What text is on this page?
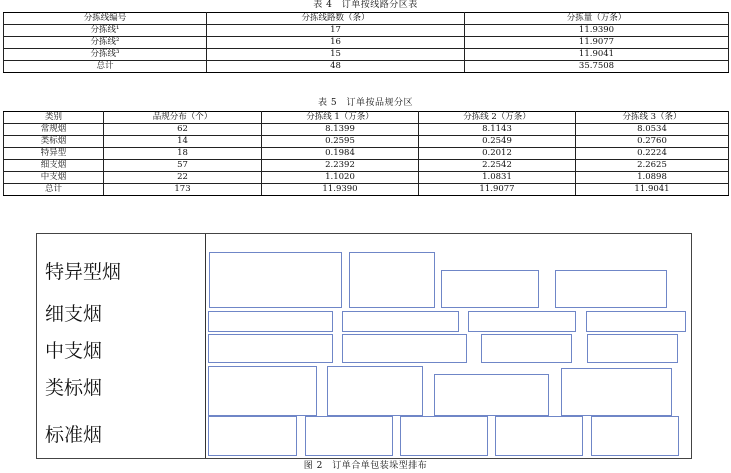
表 4　订单按线路分区表
分拣线编号	分拣线路数（条）	分拣量（万条）
分拣线¹	17	11.9390
分拣线²	16	11.9077
分拣线³	15	11.9041
总计	48	35.7508
表 5　订单按品规分区
类别	品规分布（个）	分拣线 1（万条）	分拣线 2（万条）	分拣线 3（条）
常规烟	62	8.1399	8.1143	8.0534
类标烟	14	0.2595	0.2549	0.2760
特异型	18	0.1984	0.2012	0.2224
细支烟	57	2.2392	2.2542	2.2625
中支烟	22	1.1020	1.0831	1.0898
总计	173	11.9390	11.9077	11.9041
特异型烟
细支烟
中支烟
类标烟
标准烟
图 2　订单合单包装垛型排布
